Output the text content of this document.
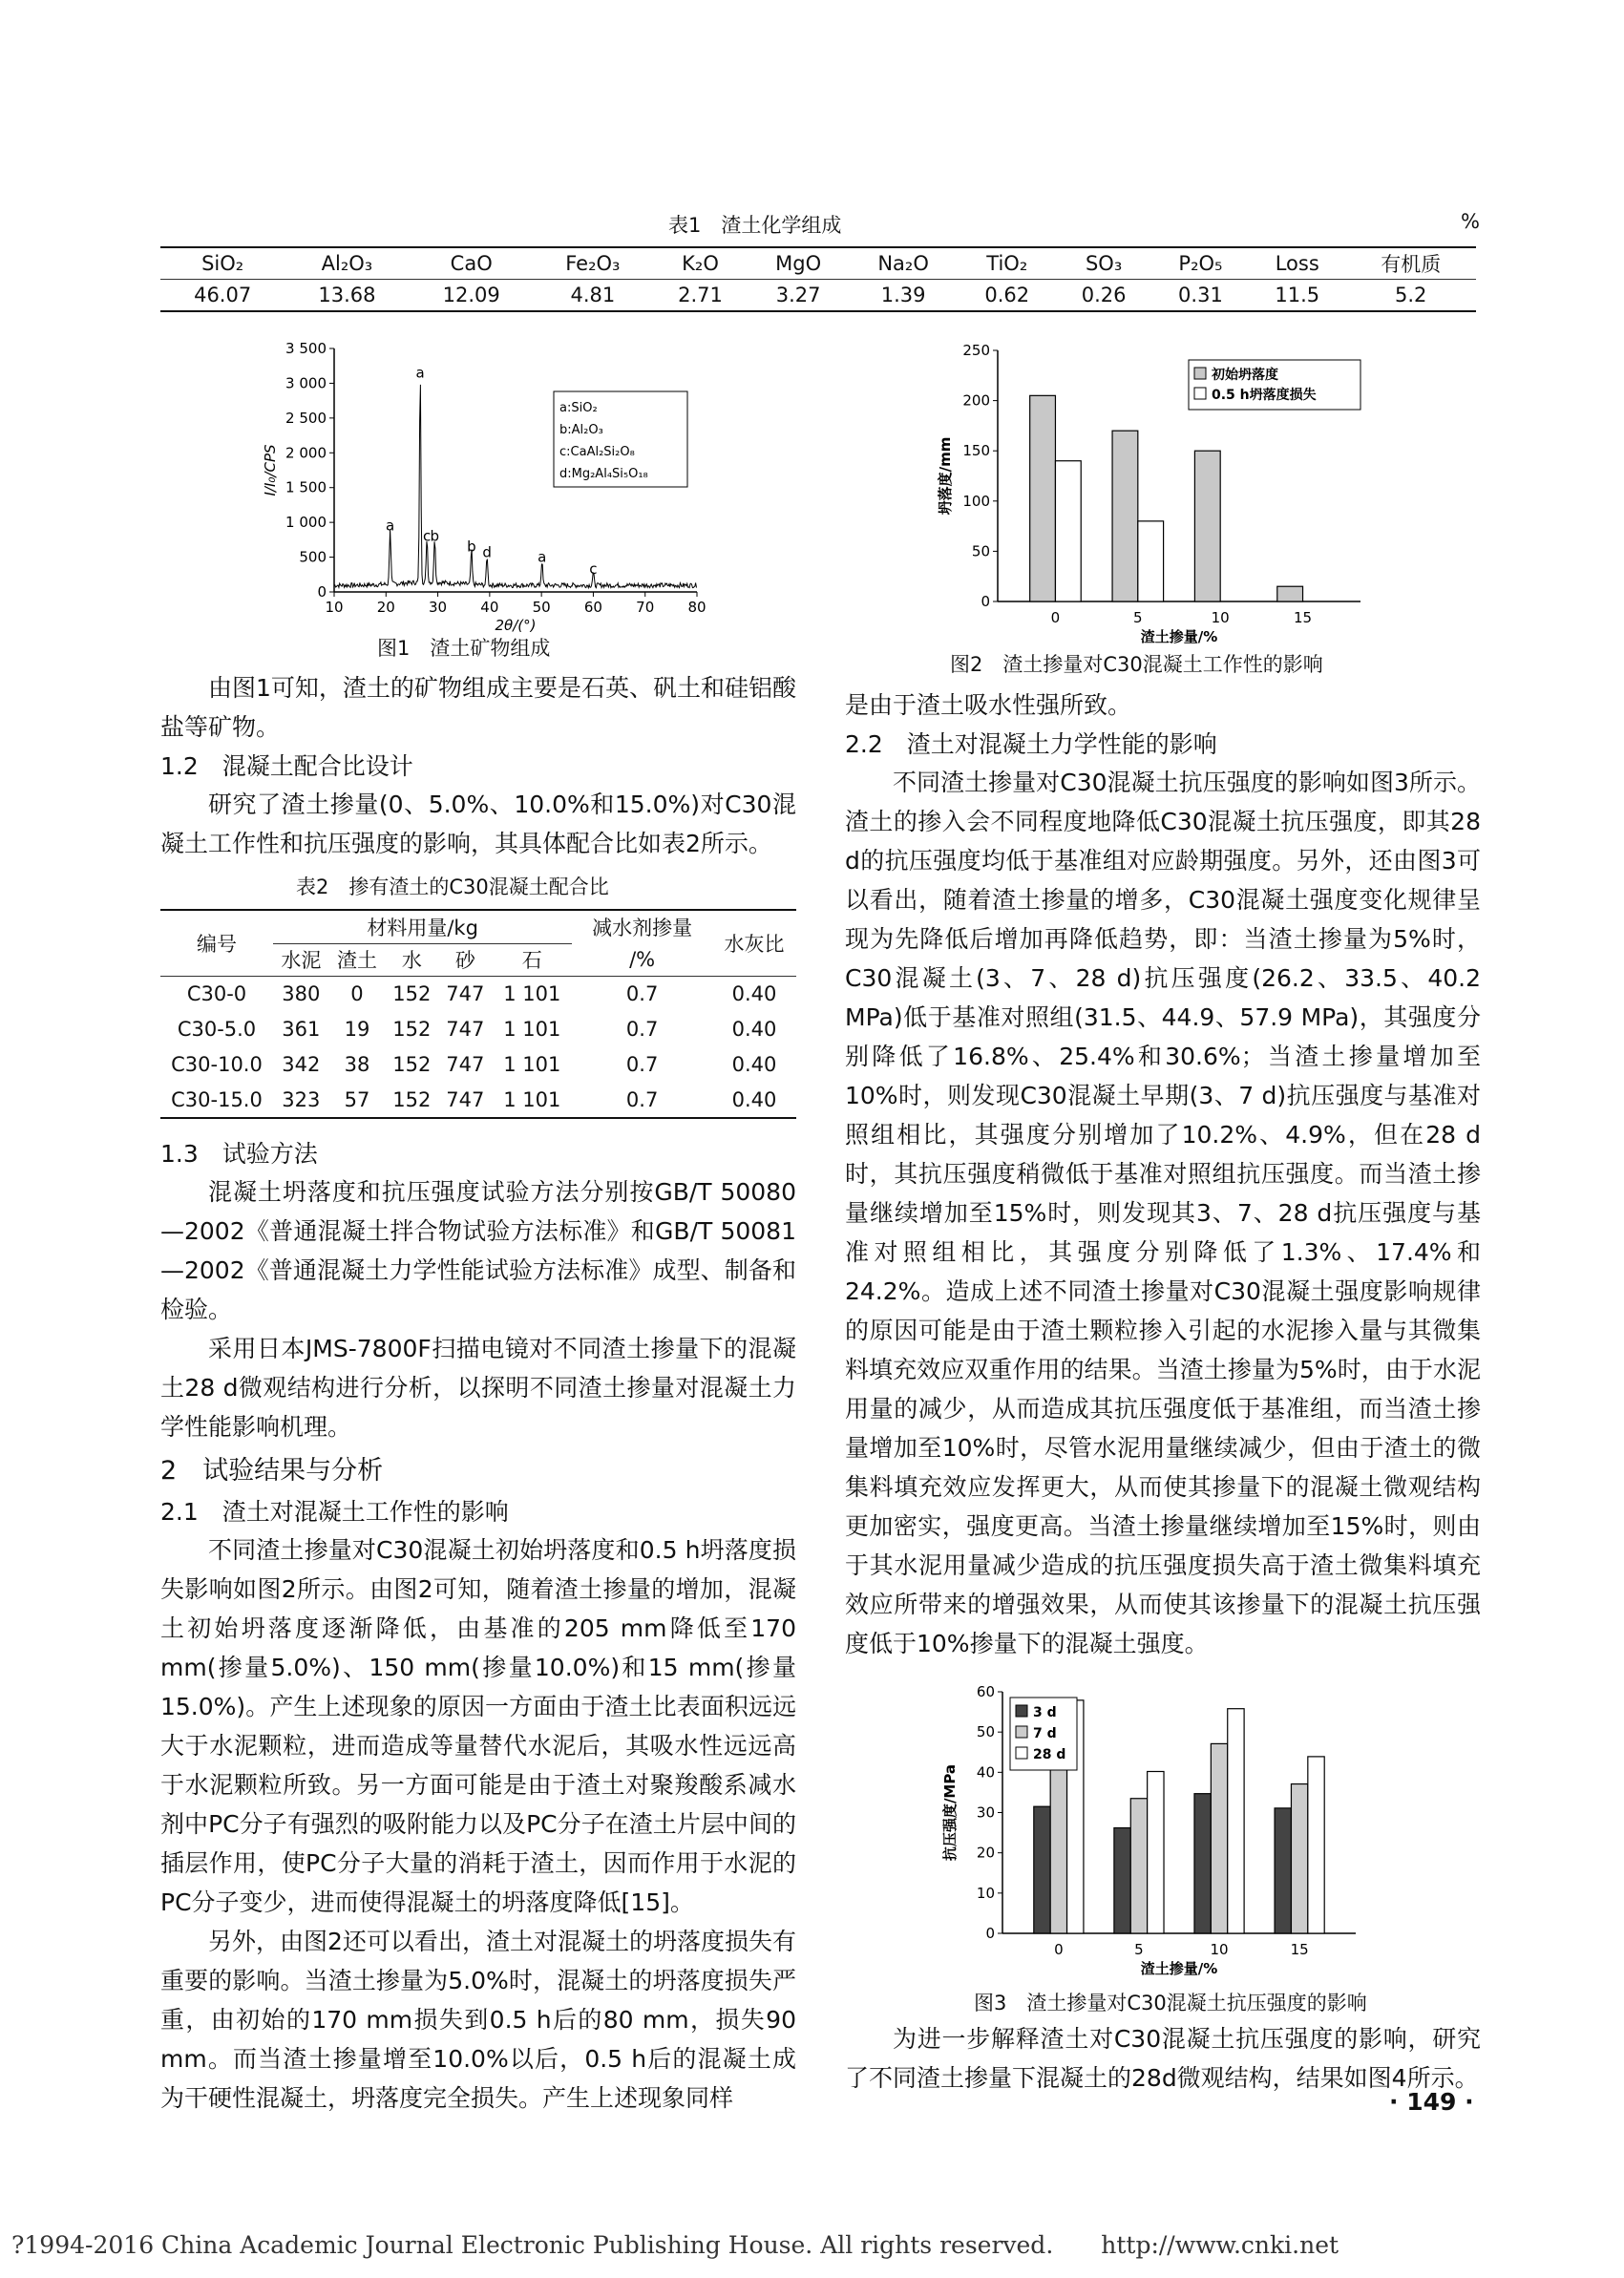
表1　渣土化学组成	%
SiO₂	Al₂O₃	CaO	Fe₂O₃	K₂O	MgO	Na₂O	TiO₂	SO₃	P₂O₅	Loss	有机质
46.07	13.68	12.09	4.81	2.71	3.27	1.39	0.62	0.26	0.31	11.5	5.2
0
500
1 000
1 500
2 000
2 500
3 000
3 500
10 20 30 40 50 60 70 80
2θ/(°)
I/I₀/CPS
a
a
c b
b d	a
c
a:SiO₂
b:Al₂O₃
c:CaAl₂Si₂O₈
d:Mg₂Al₄Si₅O₁₈
图1　渣土矿物组成
0
50
100
150
200
250
0	5	10	15
渣土掺量/%
坍落度/mm
初始坍落度
0.5 h坍落度损失
图2　渣土掺量对C30混凝土工作性的影响

由图1可知，渣土的矿物组成主要是石英、矾土和硅铝酸盐等矿物。

1.2　混凝土配合比设计

研究了渣土掺量(0、5.0%、10.0%和15.0%)对C30混凝土工作性和抗压强度的影响，其具体配合比如表2所示。

表2　掺有渣土的C30混凝土配合比
编号	材料用量/kg					减水剂掺量	水灰比
	水泥	渣土	水	砂	石	/%	
C30-0	380	0	152	747	1 101	0.7	0.40
C30-5.0	361	19	152	747	1 101	0.7	0.40
C30-10.0	342	38	152	747	1 101	0.7	0.40
C30-15.0	323	57	152	747	1 101	0.7	0.40
1.3　试验方法

混凝土坍落度和抗压强度试验方法分别按GB/T 50080—2002《普通混凝土拌合物试验方法标准》和GB/T 50081—2002《普通混凝土力学性能试验方法标准》成型、制备和检验。

采用日本JMS-7800F扫描电镜对不同渣土掺量下的混凝土28 d微观结构进行分析，以探明不同渣土掺量对混凝土力学性能影响机理。

2　试验结果与分析
2.1　渣土对混凝土工作性的影响

不同渣土掺量对C30混凝土初始坍落度和0.5 h坍落度损失影响如图2所示。由图2可知，随着渣土掺量的增加，混凝土初始坍落度逐渐降低，由基准的205 mm降低至170 mm(掺量5.0%)、150 mm(掺量10.0%)和15 mm(掺量15.0%)。产生上述现象的原因一方面由于渣土比表面积远远大于水泥颗粒，进而造成等量替代水泥后，其吸水性远远高于水泥颗粒所致。另一方面可能是由于渣土对聚羧酸系减水剂中PC分子有强烈的吸附能力以及PC分子在渣土片层中间的插层作用，使PC分子大量的消耗于渣土，因而作用于水泥的PC分子变少，进而使得混凝土的坍落度降低[15]。

另外，由图2还可以看出，渣土对混凝土的坍落度损失有重要的影响。当渣土掺量为5.0%时，混凝土的坍落度损失严重，由初始的170 mm损失到0.5 h后的80 mm，损失90 mm。而当渣土掺量增至10.0%以后，0.5 h后的混凝土成为干硬性混凝土，坍落度完全损失。产生上述现象同样

是由于渣土吸水性强所致。
2.2　渣土对混凝土力学性能的影响

不同渣土掺量对C30混凝土抗压强度的影响如图3所示。渣土的掺入会不同程度地降低C30混凝土抗压强度，即其28 d的抗压强度均低于基准组对应龄期强度。另外，还由图3可以看出，随着渣土掺量的增多，C30混凝土强度变化规律呈现为先降低后增加再降低趋势，即：当渣土掺量为5%时，C30混凝土(3、7、28 d)抗压强度(26.2、33.5、40.2 MPa)低于基准对照组(31.5、44.9、57.9 MPa)，其强度分别降低了16.8%、25.4%和30.6%；当渣土掺量增加至10%时，则发现C30混凝土早期(3、7 d)抗压强度与基准对照组相比，其强度分别增加了10.2%、4.9%，但在28 d时，其抗压强度稍微低于基准对照组抗压强度。而当渣土掺量继续增加至15%时，则发现其3、7、28 d抗压强度与基准对照组相比，其强度分别降低了1.3%、17.4%和24.2%。造成上述不同渣土掺量对C30混凝土强度影响规律的原因可能是由于渣土颗粒掺入引起的水泥掺入量与其微集料填充效应双重作用的结果。当渣土掺量为5%时，由于水泥用量的减少，从而造成其抗压强度低于基准组，而当渣土掺量增加至10%时，尽管水泥用量继续减少，但由于渣土的微集料填充效应发挥更大，从而使其掺量下的混凝土微观结构更加密实，强度更高。当渣土掺量继续增加至15%时，则由于其水泥用量减少造成的抗压强度损失高于渣土微集料填充效应所带来的增强效果，从而使其该掺量下的混凝土抗压强度低于10%掺量下的混凝土强度。

0
10
20
30
40
50
60
0	5	10	15
渣土掺量/%
抗压强度/MPa
3 d
7 d
28 d
图3　渣土掺量对C30混凝土抗压强度的影响

为进一步解释渣土对C30混凝土抗压强度的影响，研究了不同渣土掺量下混凝土的28d微观结构，结果如图4所示。

· 149 ·
?1994-2016 China Academic Journal Electronic Publishing House. All rights reserved.　　http://www.cnki.net
